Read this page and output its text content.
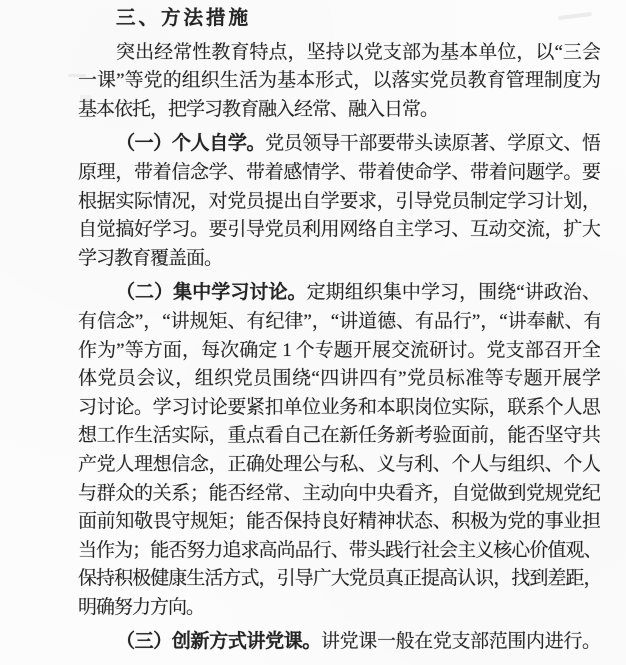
三、方法措施
突出经常性教育特点，坚持以党支部为基本单位，以“三会
一课”等党的组织生活为基本形式，以落实党员教育管理制度为
基本依托，把学习教育融入经常、融入日常。
（一）个人自学。党员领导干部要带头读原著、学原文、悟
原理，带着信念学、带着感情学、带着使命学、带着问题学。要
根据实际情况，对党员提出自学要求，引导党员制定学习计划，
自觉搞好学习。要引导党员利用网络自主学习、互动交流，扩大
学习教育覆盖面。
（二）集中学习讨论。定期组织集中学习，围绕“讲政治、
有信念”，“讲规矩、有纪律”，“讲道德、有品行”，“讲奉献、有
作为”等方面，每次确定 1 个专题开展交流研讨。党支部召开全
体党员会议，组织党员围绕“四讲四有”党员标准等专题开展学
习讨论。学习讨论要紧扣单位业务和本职岗位实际，联系个人思
想工作生活实际，重点看自己在新任务新考验面前，能否坚守共
产党人理想信念，正确处理公与私、义与利、个人与组织、个人
与群众的关系；能否经常、主动向中央看齐，自觉做到党规党纪
面前知敬畏守规矩；能否保持良好精神状态、积极为党的事业担
当作为；能否努力追求高尚品行、带头践行社会主义核心价值观、
保持积极健康生活方式，引导广大党员真正提高认识，找到差距，
明确努力方向。
（三）创新方式讲党课。讲党课一般在党支部范围内进行。
